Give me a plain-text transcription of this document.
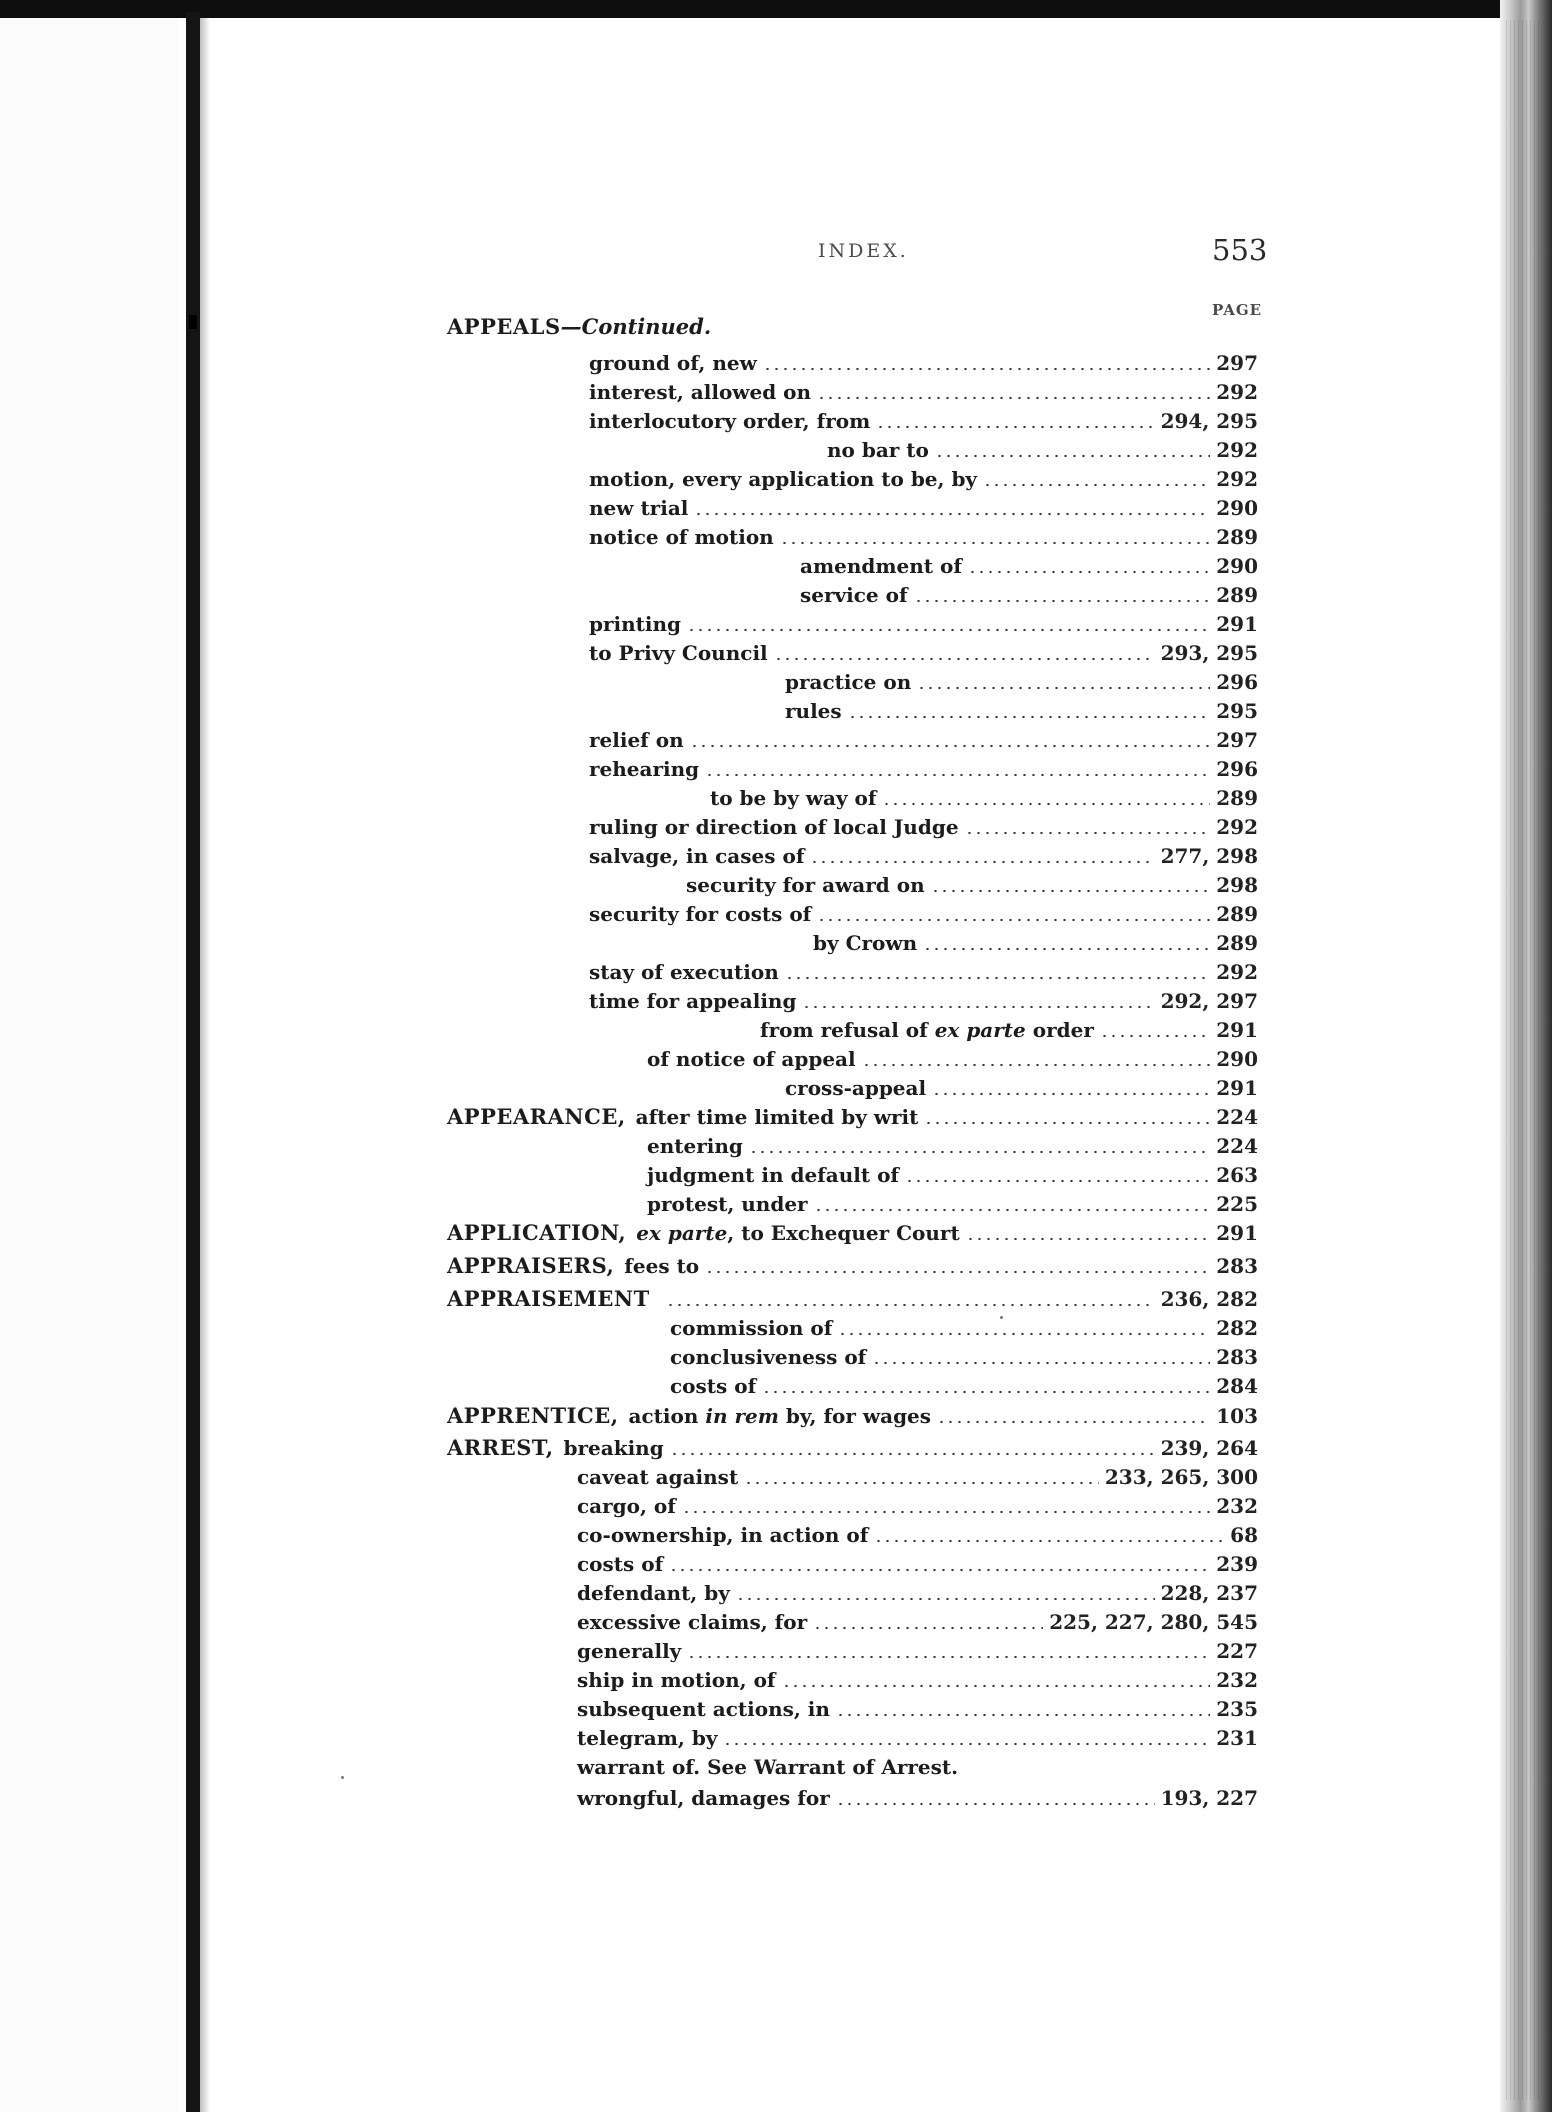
INDEX.	553
PAGE
APPEALS—Continued.
ground of, new	297
interest, allowed on	292
interlocutory order, from	294, 295
no bar to	292
motion, every application to be, by	292
new trial	290
notice of motion	289
amendment of	290
service of	289
printing	291
to Privy Council	293, 295
practice on	296
rules	295
relief on	297
rehearing	296
to be by way of	289
ruling or direction of local Judge	292
salvage, in cases of	277, 298
security for award on	298
security for costs of	289
by Crown	289
stay of execution	292
time for appealing	292, 297
from refusal of ex parte order	291
of notice of appeal	290
cross-appeal	291
APPEARANCE, after time limited by writ	224
entering	224
judgment in default of	263
protest, under	225
APPLICATION, ex parte, to Exchequer Court	291
APPRAISERS, fees to	283
APPRAISEMENT	236, 282
commission of	282
conclusiveness of	283
costs of	284
APPRENTICE, action in rem by, for wages	103
ARREST, breaking	239, 264
caveat against	233, 265, 300
cargo, of	232
co-ownership, in action of	68
costs of	239
defendant, by	228, 237
excessive claims, for	225, 227, 280, 545
generally	227
ship in motion, of	232
subsequent actions, in	235
telegram, by	231
warrant of. See Warrant of Arrest.
wrongful, damages for	193, 227
